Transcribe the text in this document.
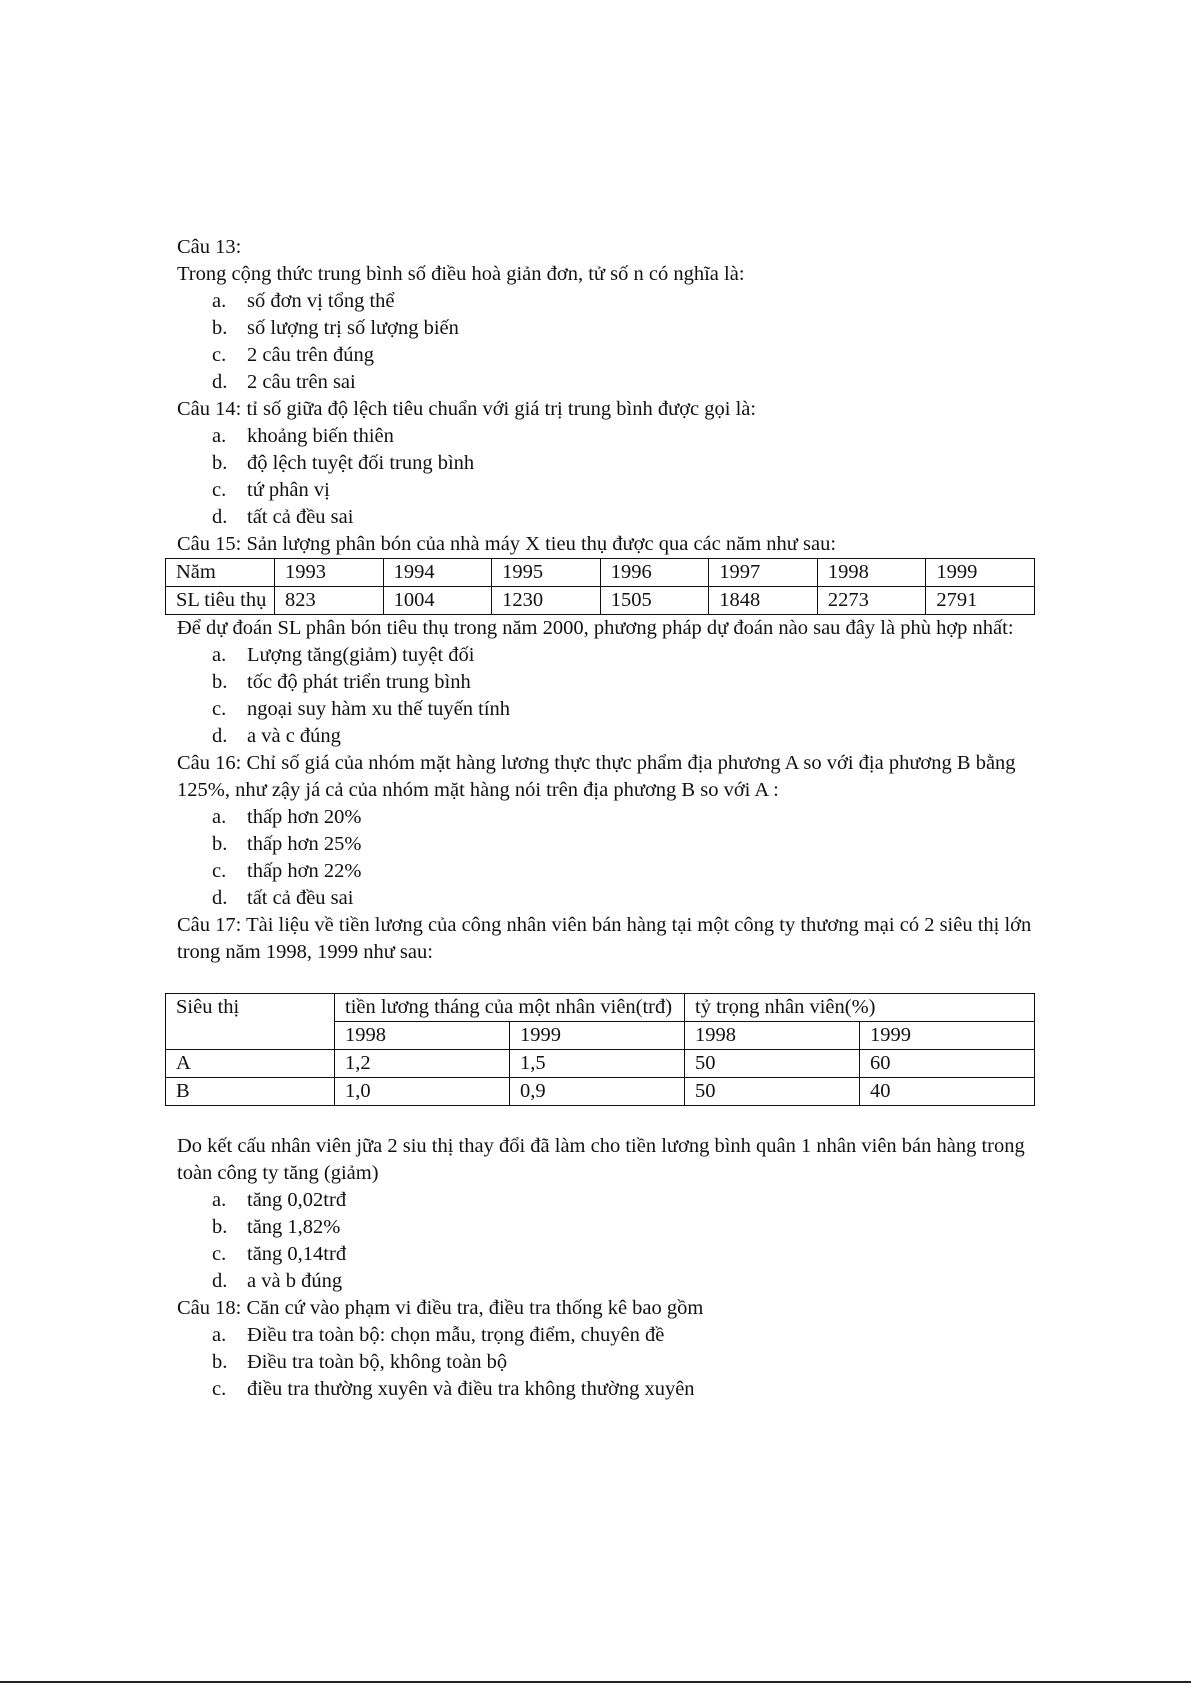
Câu 13:

Trong cộng thức trung bình số điều hoà giản đơn, tử số n có nghĩa là:

a.	số đơn vị tổng thể
b. số lượng trị số lượng biến
c.	2 câu trên đúng
d. 2 câu trên sai

Câu 14: tỉ số giữa độ lệch tiêu chuẩn với giá trị trung bình được gọi là:

a.	khoảng biến thiên
b. độ lệch tuyệt đối trung bình
c.	tứ phân vị
d. tất cả đều sai

Câu 15: Sản lượng phân bón của nhà máy X tieu thụ được qua các năm như sau:

Năm	1993	1994	1995	1996	1997	1998	1999
SL tiêu thụ	823	1004	1230	1505	1848	2273	2791

Để dự đoán SL phân bón tiêu thụ trong năm 2000, phương pháp dự đoán nào sau đây là phù hợp nhất:

a.	Lượng tăng(giảm) tuyệt đối
b. tốc độ phát triển trung bình
c.	ngoại suy hàm xu thế tuyến tính
d. a và c đúng

Câu 16: Chỉ số giá của nhóm mặt hàng lương thực thực phẩm địa phương A so với địa phương B bằng 125%, như zậy já cả của nhóm mặt hàng nói trên địa phương B so với A :

a.	thấp hơn 20%
b. thấp hơn 25%
c.	thấp hơn 22%
d. tất cả đều sai

Câu 17: Tài liệu về tiền lương của công nhân viên bán hàng tại một công ty thương mại có 2 siêu thị lớn trong năm 1998, 1999 như sau:

Siêu thị	tiền lương tháng của một nhân viên(trđ)		tỷ trọng nhân viên(%)	
	1998	1999	1998	1999
A	1,2	1,5	50	60
B	1,0	0,9	50	40

Do kết cấu nhân viên jữa 2 siu thị thay đổi đã làm cho tiền lương bình quân 1 nhân viên bán hàng trong toàn công ty tăng (giảm)

a.	tăng 0,02trđ
b. tăng 1,82%
c.	tăng 0,14trđ
d. a và b đúng

Câu 18: Căn cứ vào phạm vi điều tra, điều tra thống kê bao gồm

a.	Điều tra toàn bộ: chọn mẫu, trọng điểm, chuyên đề
b. Điều tra toàn bộ, không toàn bộ
c.	điều tra thường xuyên và điều tra không thường xuyên
